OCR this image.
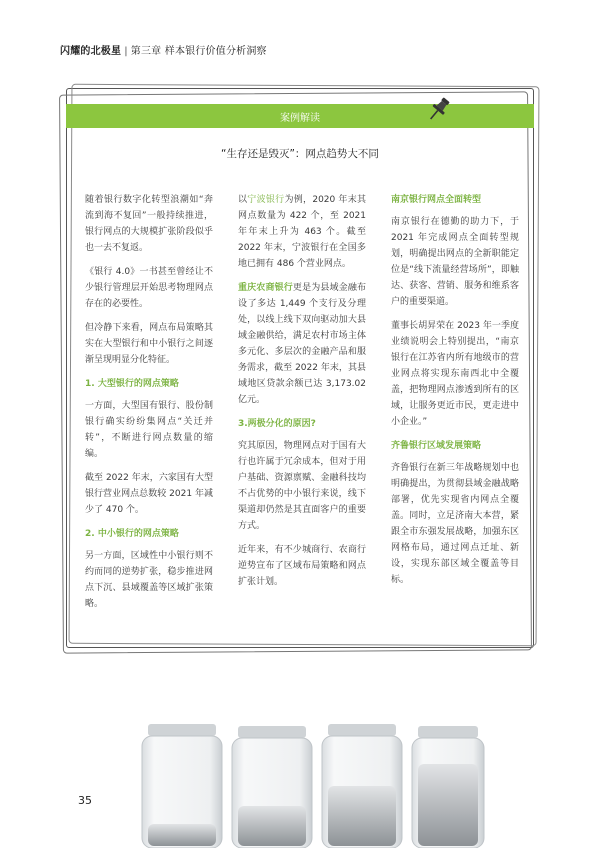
闪耀的北极星 | 第三章 样本银行价值分析洞察
案例解读
“生存还是毁灭”：网点趋势大不同

随着银行数字化转型浪潮如“奔流到海不复回”一般持续推进，银行网点的大规模扩张阶段似乎也一去不复返。

《银行 4.0》一书甚至曾经让不少银行管理层开始思考物理网点存在的必要性。

但冷静下来看，网点布局策略其实在大型银行和中小银行之间逐渐呈现明显分化特征。

1. 大型银行的网点策略

一方面，大型国有银行、股份制银行确实纷纷集网点“关迁并转”，不断进行网点数量的缩编。

截至 2022 年末，六家国有大型银行营业网点总数较 2021 年减少了 470 个。

2. 中小银行的网点策略

另一方面，区域性中小银行则不约而同的逆势扩张，稳步推进网点下沉、县域覆盖等区域扩张策略。

以宁波银行为例，2020 年末其网点数量为 422 个，至 2021 年年末上升为 463 个。截至 2022 年末，宁波银行在全国多地已拥有 486 个营业网点。

重庆农商银行更是为县域金融布设了多达 1,449 个支行及分理处，以线上线下双向驱动加大县域金融供给，满足农村市场主体多元化、多层次的金融产品和服务需求，截至 2022 年末，其县域地区贷款余额已达 3,173.02 亿元。

3.两极分化的原因?

究其原因，物理网点对于国有大行也许属于冗余成本，但对于用户基础、资源禀赋、金融科技均不占优势的中小银行来说，线下渠道却仍然是其直面客户的重要方式。

近年来，有不少城商行、农商行逆势宣布了区域布局策略和网点扩张计划。

南京银行网点全面转型

南京银行在德勤的助力下，于 2021 年完成网点全面转型规划，明确提出网点的全新职能定位是“线下流量经营场所”，即触达、获客、营销、服务和维系客户的重要渠道。

董事长胡昇荣在 2023 年一季度业绩说明会上特别提出，“南京银行在江苏省内所有地级市的营业网点将实现东南西北中全覆盖，把物理网点渗透到所有的区域，让服务更近市民，更走进中小企业。”

齐鲁银行区域发展策略

齐鲁银行在新三年战略规划中也明确提出，为贯彻县域金融战略部署，优先实现省内网点全覆盖。同时，立足济南大本营，紧跟全市东强发展战略，加强东区网格布局，通过网点迁址、新设，实现东部区域全覆盖等目标。

35
